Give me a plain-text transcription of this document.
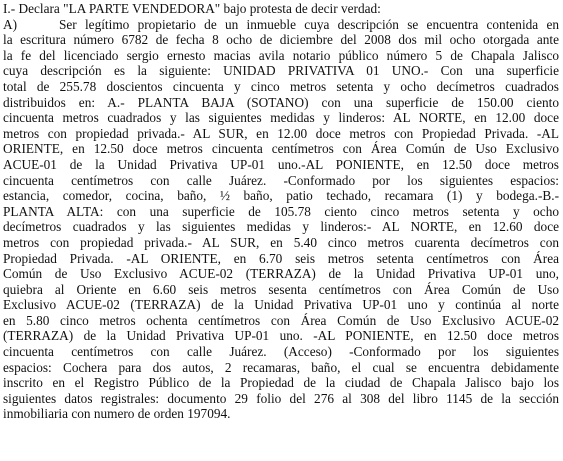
I.- Declara "LA PARTE VENDEDORA" bajo protesta de decir verdad:
A)	Ser legítimo propietario de un inmueble cuya descripción se encuentra contenida en
la escritura número 6782 de fecha 8 ocho de diciembre del 2008 dos mil ocho otorgada ante
la fe del licenciado sergio ernesto macias avila notario público número 5 de Chapala Jalisco
cuya descripción es la siguiente: UNIDAD PRIVATIVA 01 UNO.- Con una superficie
total de 255.78 doscientos cincuenta y cinco metros setenta y ocho decímetros cuadrados
distribuidos en: A.- PLANTA BAJA (SOTANO) con una superficie de 150.00 ciento
cincuenta metros cuadrados y las siguientes medidas y linderos: AL NORTE, en 12.00 doce
metros con propiedad privada.- AL SUR, en 12.00 doce metros con Propiedad Privada. -AL
ORIENTE, en 12.50 doce metros cincuenta centímetros con Área Común de Uso Exclusivo
ACUE-01 de la Unidad Privativa UP-01 uno.-AL PONIENTE, en 12.50 doce metros
cincuenta centímetros con calle Juárez. -Conformado por los siguientes espacios:
estancia, comedor, cocina, baño, ½ baño, patio techado, recamara (1) y bodega.-B.-
PLANTA ALTA: con una superficie de 105.78 ciento cinco metros setenta y ocho
decímetros cuadrados y las siguientes medidas y linderos:- AL NORTE, en 12.60 doce
metros con propiedad privada.- AL SUR, en 5.40 cinco metros cuarenta decímetros con
Propiedad Privada. -AL ORIENTE, en 6.70 seis metros setenta centímetros con Área
Común de Uso Exclusivo ACUE-02 (TERRAZA) de la Unidad Privativa UP-01 uno,
quiebra al Oriente en 6.60 seis metros sesenta centímetros con Área Común de Uso
Exclusivo ACUE-02 (TERRAZA) de la Unidad Privativa UP-01 uno y continúa al norte
en 5.80 cinco metros ochenta centímetros con Área Común de Uso Exclusivo ACUE-02
(TERRAZA) de la Unidad Privativa UP-01 uno. -AL PONIENTE, en 12.50 doce metros
cincuenta centímetros con calle Juárez. (Acceso) -Conformado por los siguientes
espacios: Cochera para dos autos, 2 recamaras, baño, el cual se encuentra debidamente
inscrito en el Registro Público de la Propiedad de la ciudad de Chapala Jalisco bajo los
siguientes datos registrales: documento 29 folio del 276 al 308 del libro 1145 de la sección
inmobiliaria con numero de orden 197094.
